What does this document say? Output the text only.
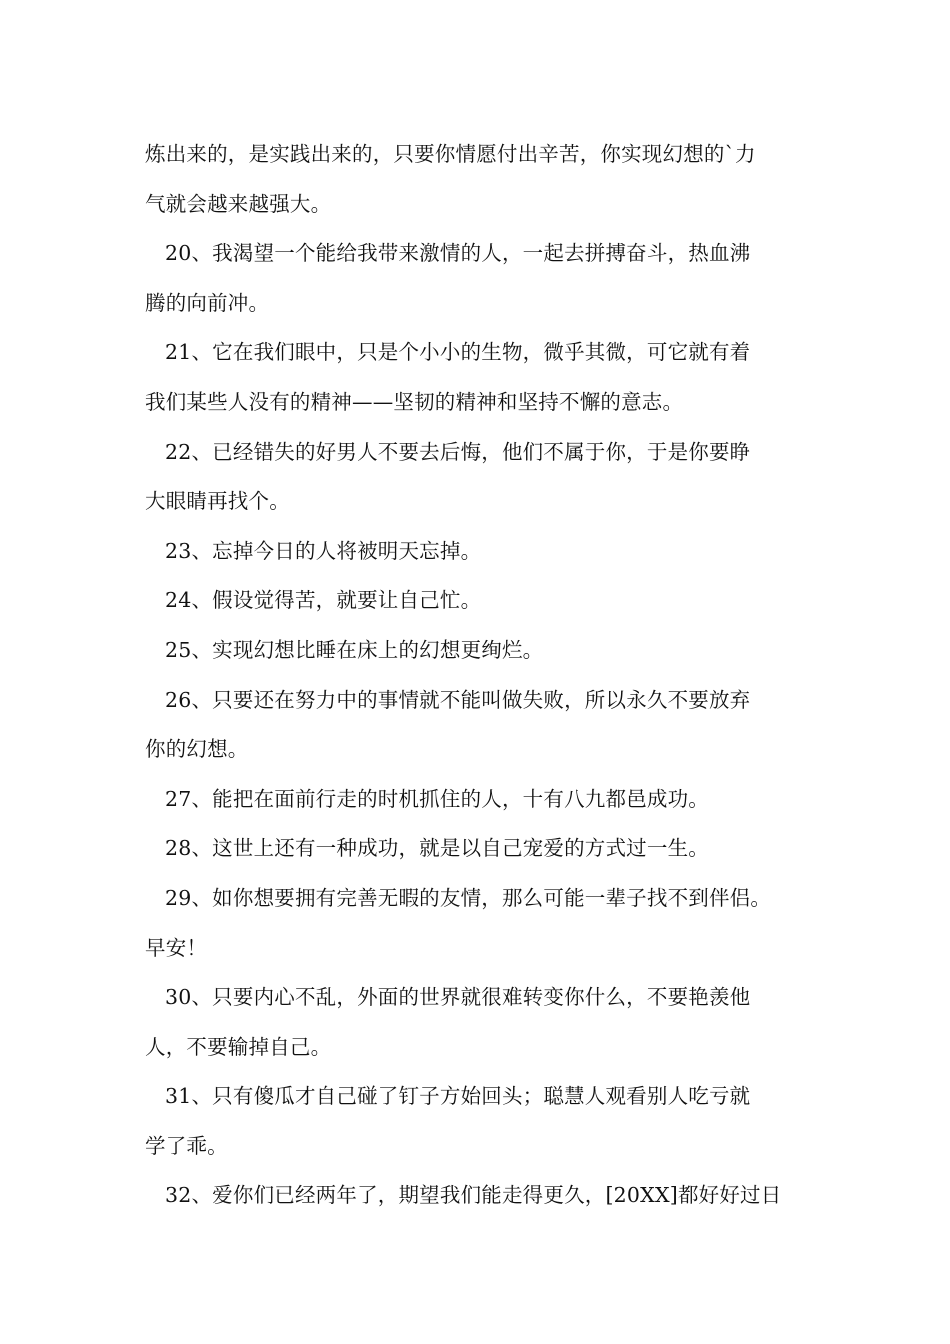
炼出来的，是实践出来的，只要你情愿付出辛苦，你实现幻想的`力
气就会越来越强大。
20、我渴望一个能给我带来激情的人，一起去拼搏奋斗，热血沸
腾的向前冲。
21、它在我们眼中，只是个小小的生物，微乎其微，可它就有着
我们某些人没有的精神——坚韧的精神和坚持不懈的意志。
22、已经错失的好男人不要去后悔，他们不属于你，于是你要睁
大眼睛再找个。
23、忘掉今日的人将被明天忘掉。
24、假设觉得苦，就要让自己忙。
25、实现幻想比睡在床上的幻想更绚烂。
26、只要还在努力中的事情就不能叫做失败，所以永久不要放弃
你的幻想。
27、能把在面前行走的时机抓住的人，十有八九都邑成功。
28、这世上还有一种成功，就是以自己宠爱的方式过一生。
29、如你想要拥有完善无暇的友情，那么可能一辈子找不到伴侣。
早安！
30、只要内心不乱，外面的世界就很难转变你什么，不要艳羡他
人，不要输掉自己。
31、只有傻瓜才自己碰了钉子方始回头；聪慧人观看别人吃亏就
学了乖。
32、爱你们已经两年了，期望我们能走得更久，[20XX]都好好过日
